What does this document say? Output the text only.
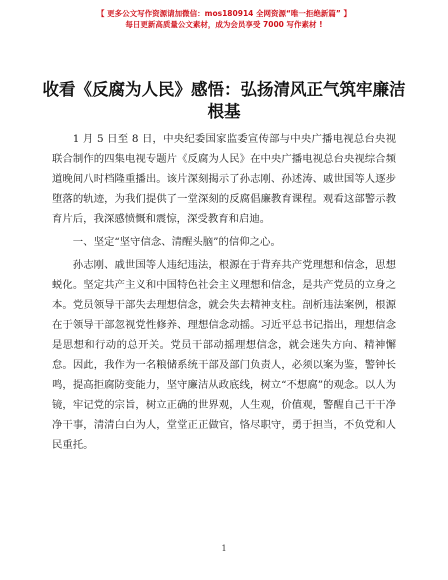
【 更多公文写作资源请加微信：mos180914 全网资源“唯一拒绝新篇” 】
每日更新高质量公文素材，成为会员享受 7000 写作素材 !
收看《反腐为人民》感悟：弘扬清风正气筑牢廉洁根基

1 月 5 日至 8 日，中央纪委国家监委宣传部与中央广播电视总台央视联合制作的四集电视专题片《反腐为人民》在中央广播电视总台央视综合频道晚间八时档隆重播出。该片深刻揭示了孙志刚、孙述涛、戚世国等人逐步堕落的轨迹，为我们提供了一堂深刻的反腐倡廉教育课程。观看这部警示教育片后，我深感愤慨和震惊，深受教育和启迪。

一、坚定“坚守信念、清醒头脑”的信仰之心。

孙志刚、戚世国等人违纪违法，根源在于背弃共产党理想和信念，思想蜕化。坚定共产主义和中国特色社会主义理想和信念，是共产党员的立身之本。党员领导干部失去理想信念，就会失去精神支柱。剖析违法案例，根源在于领导干部忽视党性修养、理想信念动摇。习近平总书记指出，理想信念是思想和行动的总开关。党员干部动摇理想信念，就会迷失方向、精神懈怠。因此，我作为一名粮储系统干部及部门负责人，必须以案为鉴，警钟长鸣，提高拒腐防变能力，坚守廉洁从政底线，树立“不想腐”的观念。以人为镜，牢记党的宗旨，树立正确的世界观，人生观，价值观，警醒自己干干净净干事，清清白白为人，堂堂正正做官，恪尽职守，勇于担当，不负党和人民重托。

1
